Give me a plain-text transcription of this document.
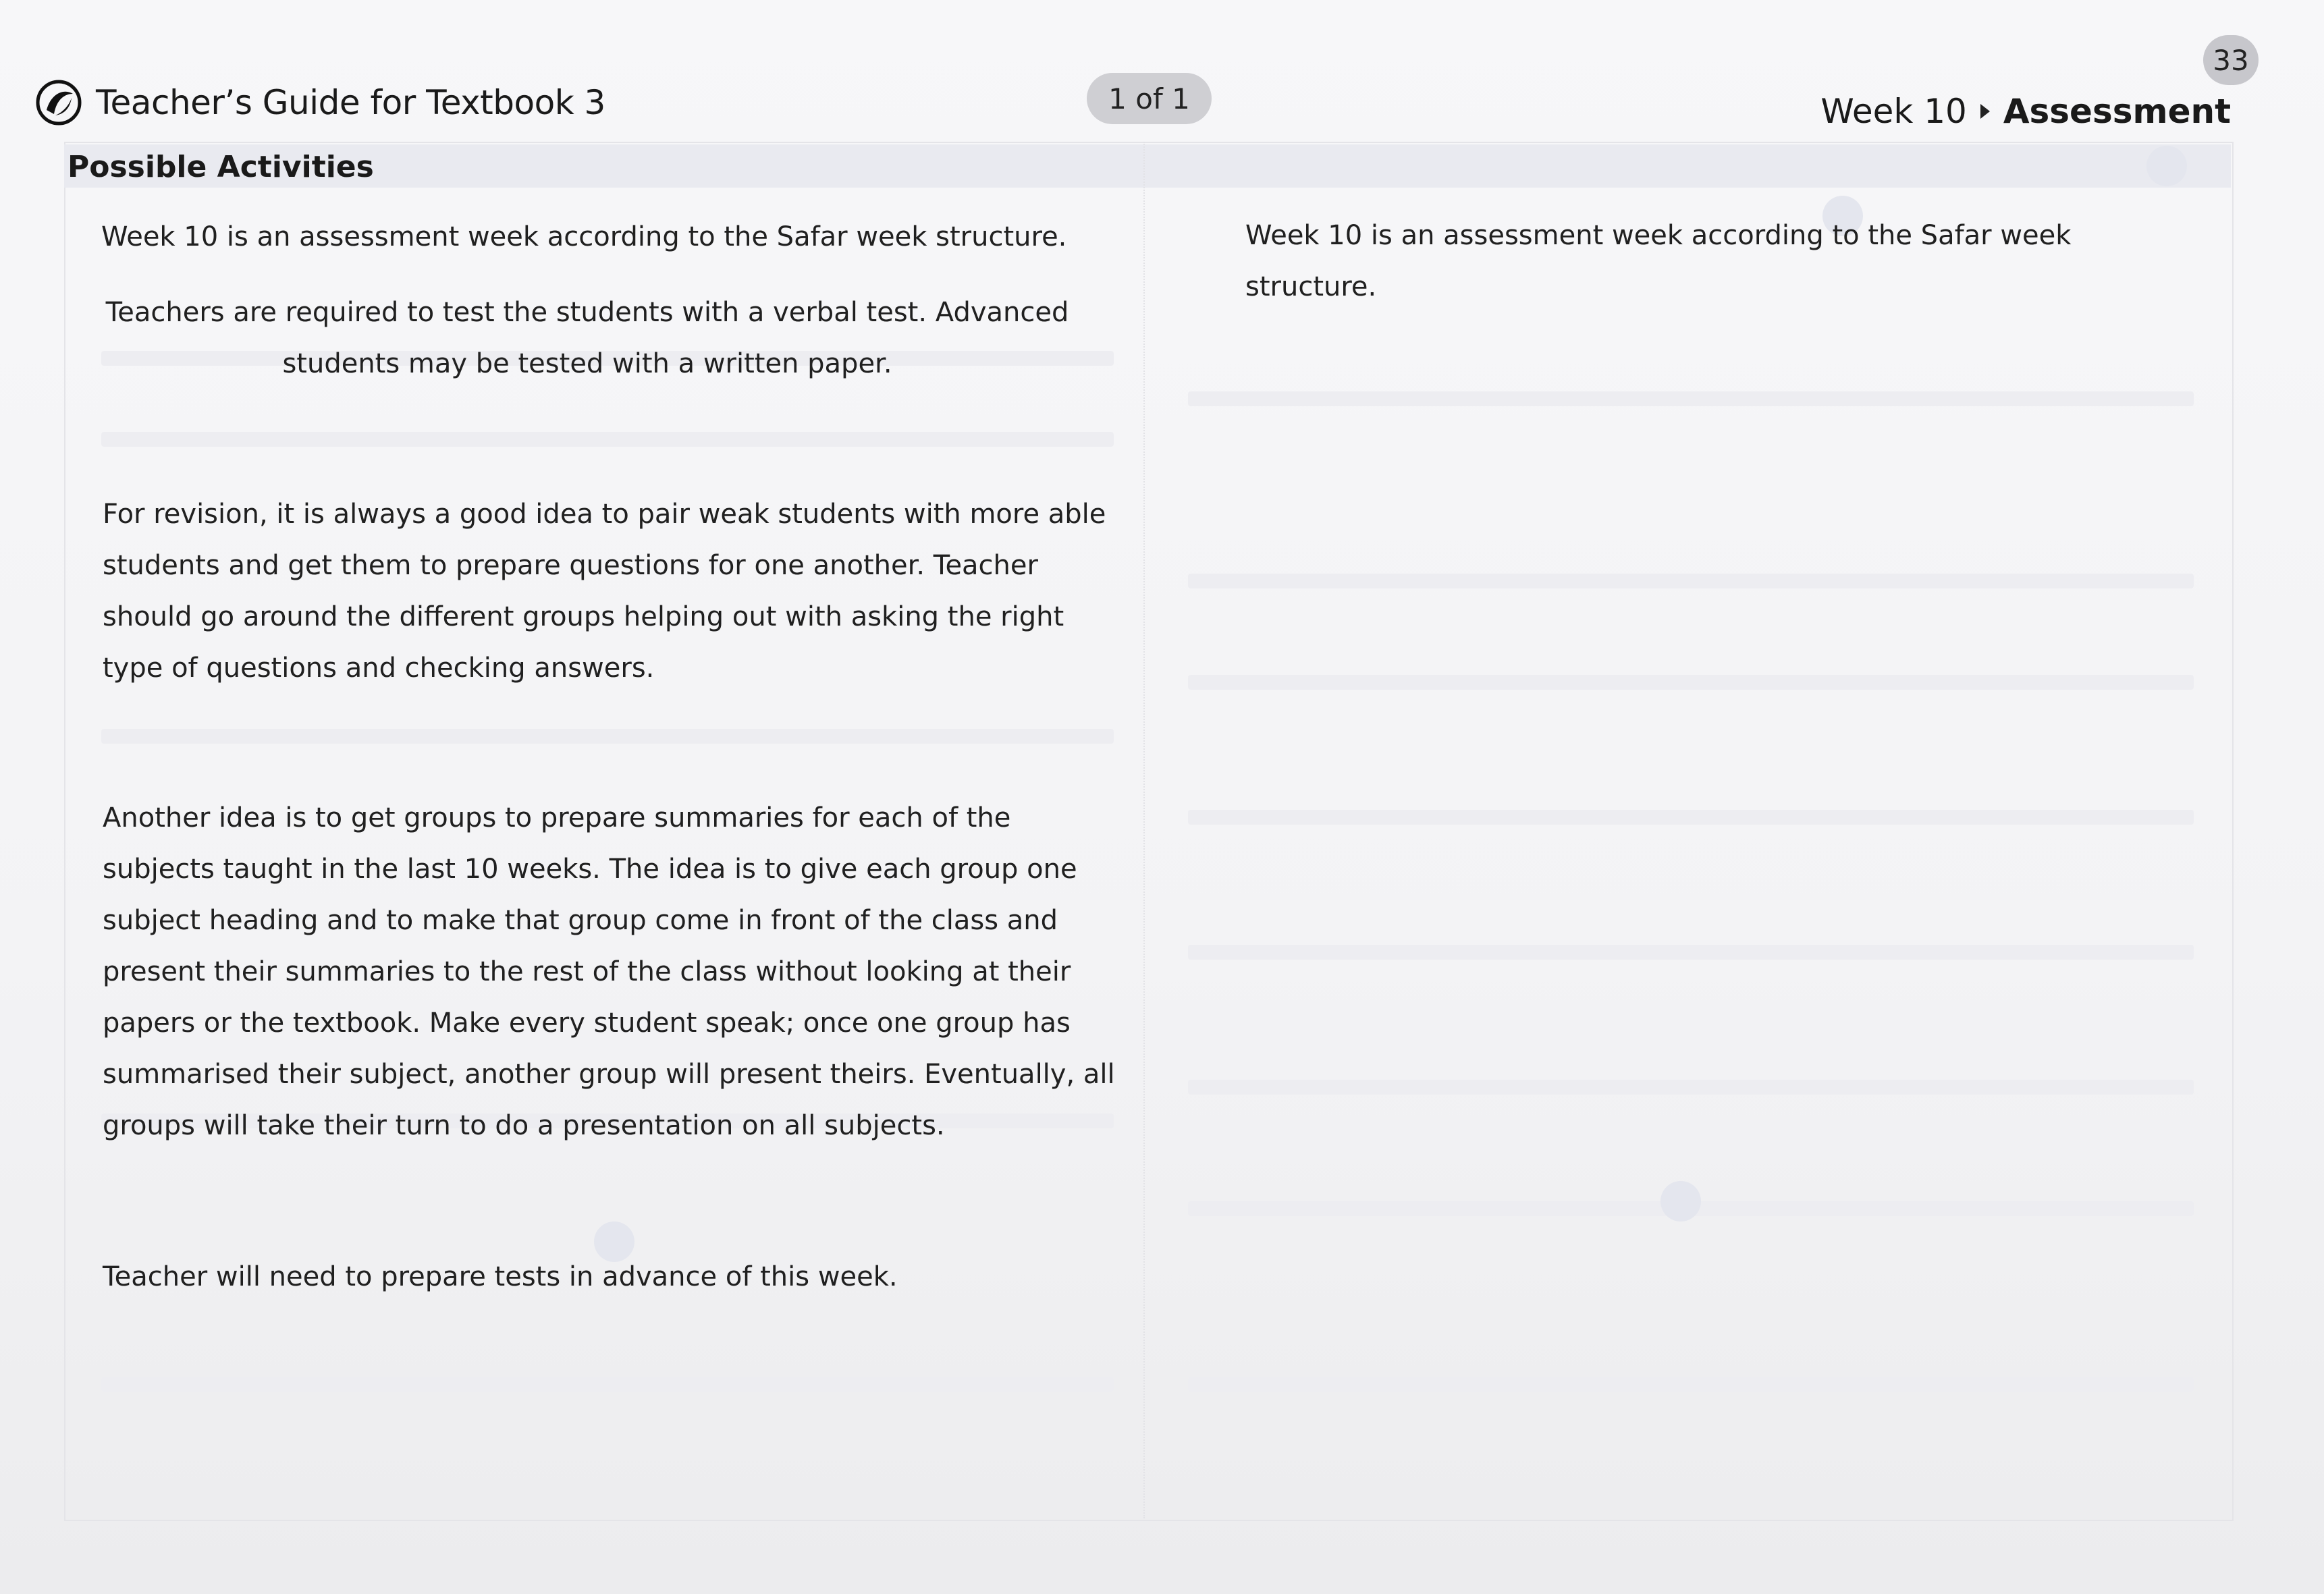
Teacher’s Guide for Textbook 3	1 of 1
33
Week 10 Assessment
Possible Activities
Week 10 is an assessment week according to the Safar week structure.
Teachers are required to test the students with a verbal test. Advanced students may be tested with a written paper.
For revision, it is always a good idea to pair weak students with more able students and get them to prepare questions for one another. Teacher should go around the different groups helping out with asking the right type of questions and checking answers.
Another idea is to get groups to prepare summaries for each of the subjects taught in the last 10 weeks. The idea is to give each group one subject heading and to make that group come in front of the class and present their summaries to the rest of the class without looking at their papers or the textbook. Make every student speak; once one group has summarised their subject, another group will present theirs. Eventually, all groups will take their turn to do a presentation on all subjects.
Teacher will need to prepare tests in advance of this week.
Week 10 is an assessment week according to the Safar week structure.
